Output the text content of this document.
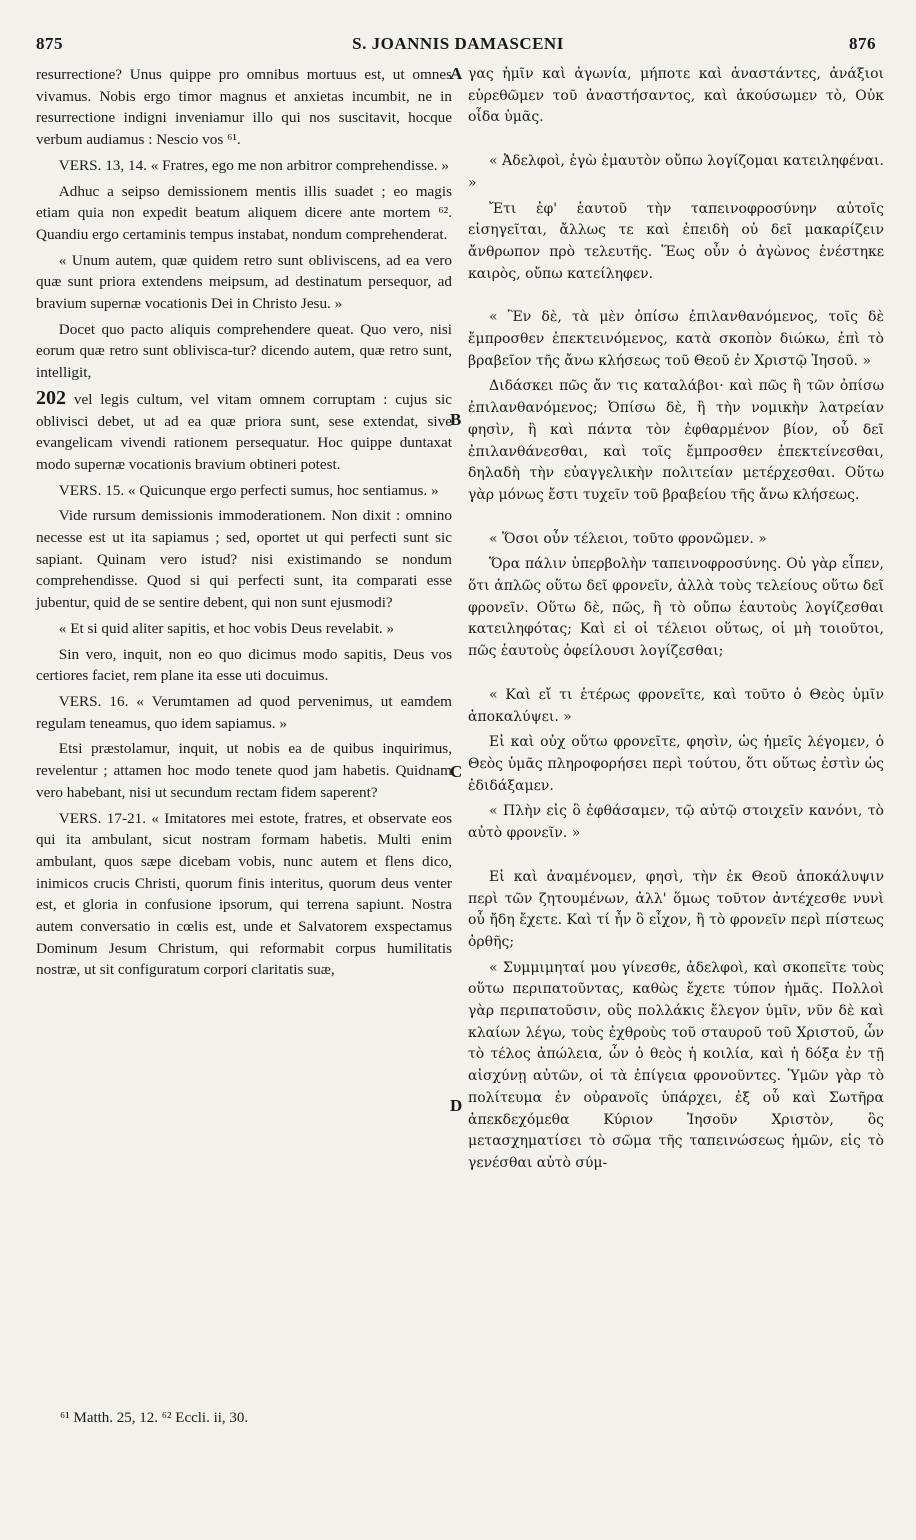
875	S. JOANNIS DAMASCENI	876

resurrectione? Unus quippe pro omnibus mortuus est, ut omnes vivamus. Nobis ergo timor magnus et anxietas incumbit, ne in resurrectione indigni inveniamur illo qui nos suscitavit, hocque verbum audiamus : Nescio vos ⁶¹.

VERS. 13, 14. « Fratres, ego me non arbitror comprehendisse. »

Adhuc a seipso demissionem mentis illis suadet ; eo magis etiam quia non expedit beatum aliquem dicere ante mortem ⁶². Quandiu ergo certaminis tempus instabat, nondum comprehenderat.

« Unum autem, quæ quidem retro sunt obliviscens, ad ea vero quæ sunt priora extendens meipsum, ad destinatum persequor, ad bravium supernæ vocationis Dei in Christo Jesu. »

Docet quo pacto aliquis comprehendere queat. Quo vero, nisi eorum quæ retro sunt oblivisca-tur? dicendo autem, quæ retro sunt, intelligit,

202 vel legis cultum, vel vitam omnem corruptam : cujus sic oblivisci debet, ut ad ea quæ priora sunt, sese extendat, sive evangelicam vivendi rationem persequatur. Hoc quippe duntaxat modo supernæ vocationis bravium obtineri potest.

VERS. 15. « Quicunque ergo perfecti sumus, hoc sentiamus. »

Vide rursum demissionis immoderationem. Non dixit : omnino necesse est ut ita sapiamus ; sed, oportet ut qui perfecti sunt sic sapiant. Quinam vero istud? nisi existimando se nondum comprehendisse. Quod si qui perfecti sunt, ita comparati esse jubentur, quid de se sentire debent, qui non sunt ejusmodi?

« Et si quid aliter sapitis, et hoc vobis Deus revelabit. »

Sin vero, inquit, non eo quo dicimus modo sapitis, Deus vos certiores faciet, rem plane ita esse uti docuimus.

VERS. 16. « Verumtamen ad quod pervenimus, ut eamdem regulam teneamus, quo idem sapiamus. »

Etsi præstolamur, inquit, ut nobis ea de quibus inquirimus, revelentur ; attamen hoc modo tenete quod jam habetis. Quidnam vero habebant, nisi ut secundum rectam fidem saperent?

VERS. 17-21. « Imitatores mei estote, fratres, et observate eos qui ita ambulant, sicut nostram formam habetis. Multi enim ambulant, quos sæpe dicebam vobis, nunc autem et flens dico, inimicos crucis Christi, quorum finis interitus, quorum deus venter est, et gloria in confusione ipsorum, qui terrena sapiunt. Nostra autem conversatio in cœlis est, unde et Salvatorem exspectamus Dominum Jesum Christum, qui reformabit corpus humilitatis nostræ, ut sit configuratum corpori claritatis suæ,

γας ἡμῖν καὶ ἀγωνία, μήποτε καὶ ἀναστάντες, ἀνάξιοι εὑρεθῶμεν τοῦ ἀναστήσαντος, καὶ ἀκούσωμεν τὸ, Οὐκ οἶδα ὑμᾶς.

« Ἀδελφοὶ, ἐγὼ ἐμαυτὸν οὔπω λογίζομαι κατειληφέναι. »

Ἔτι ἐφ' ἑαυτοῦ τὴν ταπεινοφροσύνην αὐτοῖς εἰσηγεῖται, ἄλλως τε καὶ ἐπειδὴ οὐ δεῖ μακαρίζειν ἄνθρωπον πρὸ τελευτῆς. Ἕως οὖν ὁ ἀγὼνος ἐνέστηκε καιρὸς, οὔπω κατείληφεν.

« Ἓν δὲ, τὰ μὲν ὀπίσω ἐπιλανθανόμενος, τοῖς δὲ ἔμπροσθεν ἐπεκτεινόμενος, κατὰ σκοπὸν διώκω, ἐπὶ τὸ βραβεῖον τῆς ἄνω κλήσεως τοῦ Θεοῦ ἐν Χριστῷ Ἰησοῦ. »

Διδάσκει πῶς ἄν τις καταλάβοι· καὶ πῶς ἢ τῶν ὀπίσω ἐπιλανθανόμενος; Ὀπίσω δὲ, ἢ τὴν νομικὴν λατρείαν φησὶν, ἢ καὶ πάντα τὸν ἐφθαρμένον βίον, οὗ δεῖ ἐπιλανθάνεσθαι, καὶ τοῖς ἔμπροσθεν ἐπεκτείνεσθαι, δηλαδὴ τὴν εὐαγγελικὴν πολιτείαν μετέρχεσθαι. Οὕτω γὰρ μόνως ἔστι τυχεῖν τοῦ βραβείου τῆς ἄνω κλήσεως.

« Ὅσοι οὖν τέλειοι, τοῦτο φρονῶμεν. »

Ὅρα πάλιν ὑπερβολὴν ταπεινοφροσύνης. Οὐ γὰρ εἶπεν, ὅτι ἁπλῶς οὕτω δεῖ φρονεῖν, ἀλλὰ τοὺς τελείους οὕτω δεῖ φρονεῖν. Οὕτω δὲ, πῶς, ἢ τὸ οὔπω ἑαυτοὺς λογίζεσθαι κατειληφότας; Καὶ εἰ οἱ τέλειοι οὕτως, οἱ μὴ τοιοῦτοι, πῶς ἑαυτοὺς ὀφείλουσι λογίζεσθαι;

« Καὶ εἴ τι ἑτέρως φρονεῖτε, καὶ τοῦτο ὁ Θεὸς ὑμῖν ἀποκαλύψει. »

Εἰ καὶ οὐχ οὕτω φρονεῖτε, φησὶν, ὡς ἡμεῖς λέγομεν, ὁ Θεὸς ὑμᾶς πληροφορήσει περὶ τούτου, ὅτι οὕτως ἐστὶν ὡς ἐδιδάξαμεν.

« Πλὴν εἰς ὃ ἐφθάσαμεν, τῷ αὐτῷ στοιχεῖν κανόνι, τὸ αὐτὸ φρονεῖν. »

Εἰ καὶ ἀναμένομεν, φησὶ, τὴν ἐκ Θεοῦ ἀποκάλυψιν περὶ τῶν ζητουμένων, ἀλλ' ὅμως τοῦτον ἀντέχεσθε νυνὶ οὗ ἤδη ἔχετε. Καὶ τί ἦν ὃ εἶχον, ἢ τὸ φρονεῖν περὶ πίστεως ὀρθῆς;

« Συμμιμηταί μου γίνεσθε, ἀδελφοὶ, καὶ σκοπεῖτε τοὺς οὕτω περιπατοῦντας, καθὼς ἔχετε τύπον ἡμᾶς. Πολλοὶ γὰρ περιπατοῦσιν, οὓς πολλάκις ἔλεγον ὑμῖν, νῦν δὲ καὶ κλαίων λέγω, τοὺς ἐχθροὺς τοῦ σταυροῦ τοῦ Χριστοῦ, ὧν τὸ τέλος ἀπώλεια, ὧν ὁ θεὸς ἡ κοιλία, καὶ ἡ δόξα ἐν τῇ αἰσχύνῃ αὐτῶν, οἱ τὰ ἐπίγεια φρονοῦντες. Ὑμῶν γὰρ τὸ πολίτευμα ἐν οὐρανοῖς ὑπάρχει, ἐξ οὗ καὶ Σωτῆρα ἀπεκδεχόμεθα Κύριον Ἰησοῦν Χριστὸν, ὃς μετασχηματίσει τὸ σῶμα τῆς ταπεινώσεως ἡμῶν, εἰς τὸ γενέσθαι αὐτὸ σύμ-

A
B
C
D
⁶¹ Matth. 25, 12. ⁶² Eccli. ii, 30.
